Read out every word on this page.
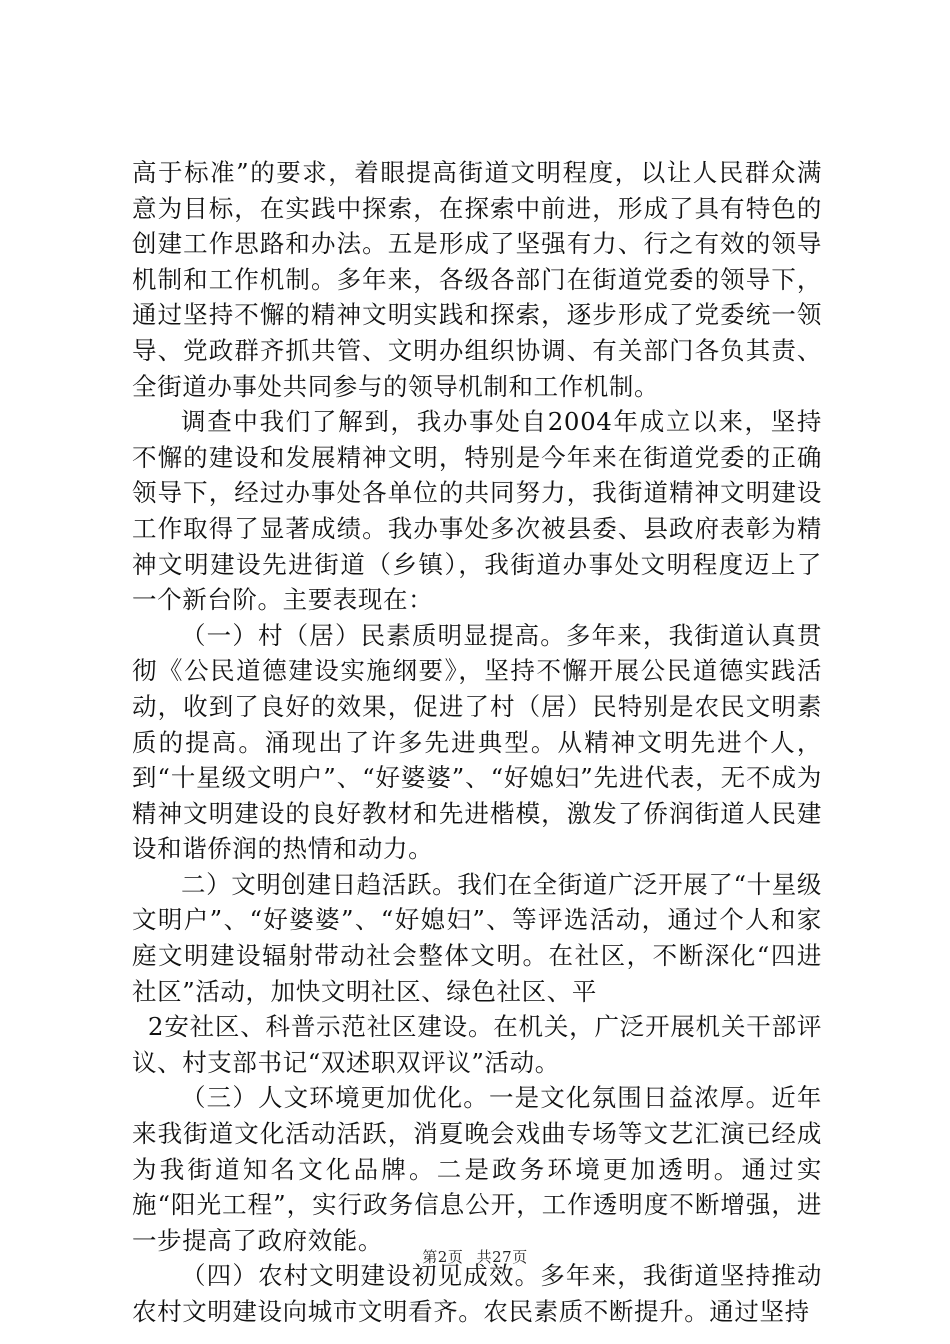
高于标准”的要求，着眼提高街道文明程度，以让人民群众满意为目标，在实践中探索，在探索中前进，形成了具有特色的创建工作思路和办法。五是形成了坚强有力、行之有效的领导机制和工作机制。多年来，各级各部门在街道党委的领导下，通过坚持不懈的精神文明实践和探索，逐步形成了党委统一领导、党政群齐抓共管、文明办组织协调、有关部门各负其责、全街道办事处共同参与的领导机制和工作机制。

调查中我们了解到，我办事处自2004年成立以来，坚持不懈的建设和发展精神文明，特别是今年来在街道党委的正确领导下，经过办事处各单位的共同努力，我街道精神文明建设工作取得了显著成绩。我办事处多次被县委、县政府表彰为精神文明建设先进街道（乡镇），我街道办事处文明程度迈上了一个新台阶。主要表现在：

（一）村（居）民素质明显提高。多年来，我街道认真贯彻《公民道德建设实施纲要》，坚持不懈开展公民道德实践活动，收到了良好的效果，促进了村（居）民特别是农民文明素质的提高。涌现出了许多先进典型。从精神文明先进个人，到“十星级文明户”、“好婆婆”、“好媳妇”先进代表，无不成为精神文明建设的良好教材和先进楷模，激发了侨润街道人民建设和谐侨润的热情和动力。

二）文明创建日趋活跃。我们在全街道广泛开展了“十星级文明户”、“好婆婆”、“好媳妇”、等评选活动，通过个人和家庭文明建设辐射带动社会整体文明。在社区，不断深化“四进社区”活动，加快文明社区、绿色社区、平

2安社区、科普示范社区建设。在机关，广泛开展机关干部评议、村支部书记“双述职双评议”活动。

（三）人文环境更加优化。一是文化氛围日益浓厚。近年来我街道文化活动活跃，消夏晚会戏曲专场等文艺汇演已经成为我街道知名文化品牌。二是政务环境更加透明。通过实施“阳光工程”，实行政务信息公开，工作透明度不断增强，进一步提高了政府效能。

（四）农村文明建设初见成效。多年来，我街道坚持推动农村文明建设向城市文明看齐。农民素质不断提升。通过坚持

第2页 共27页
